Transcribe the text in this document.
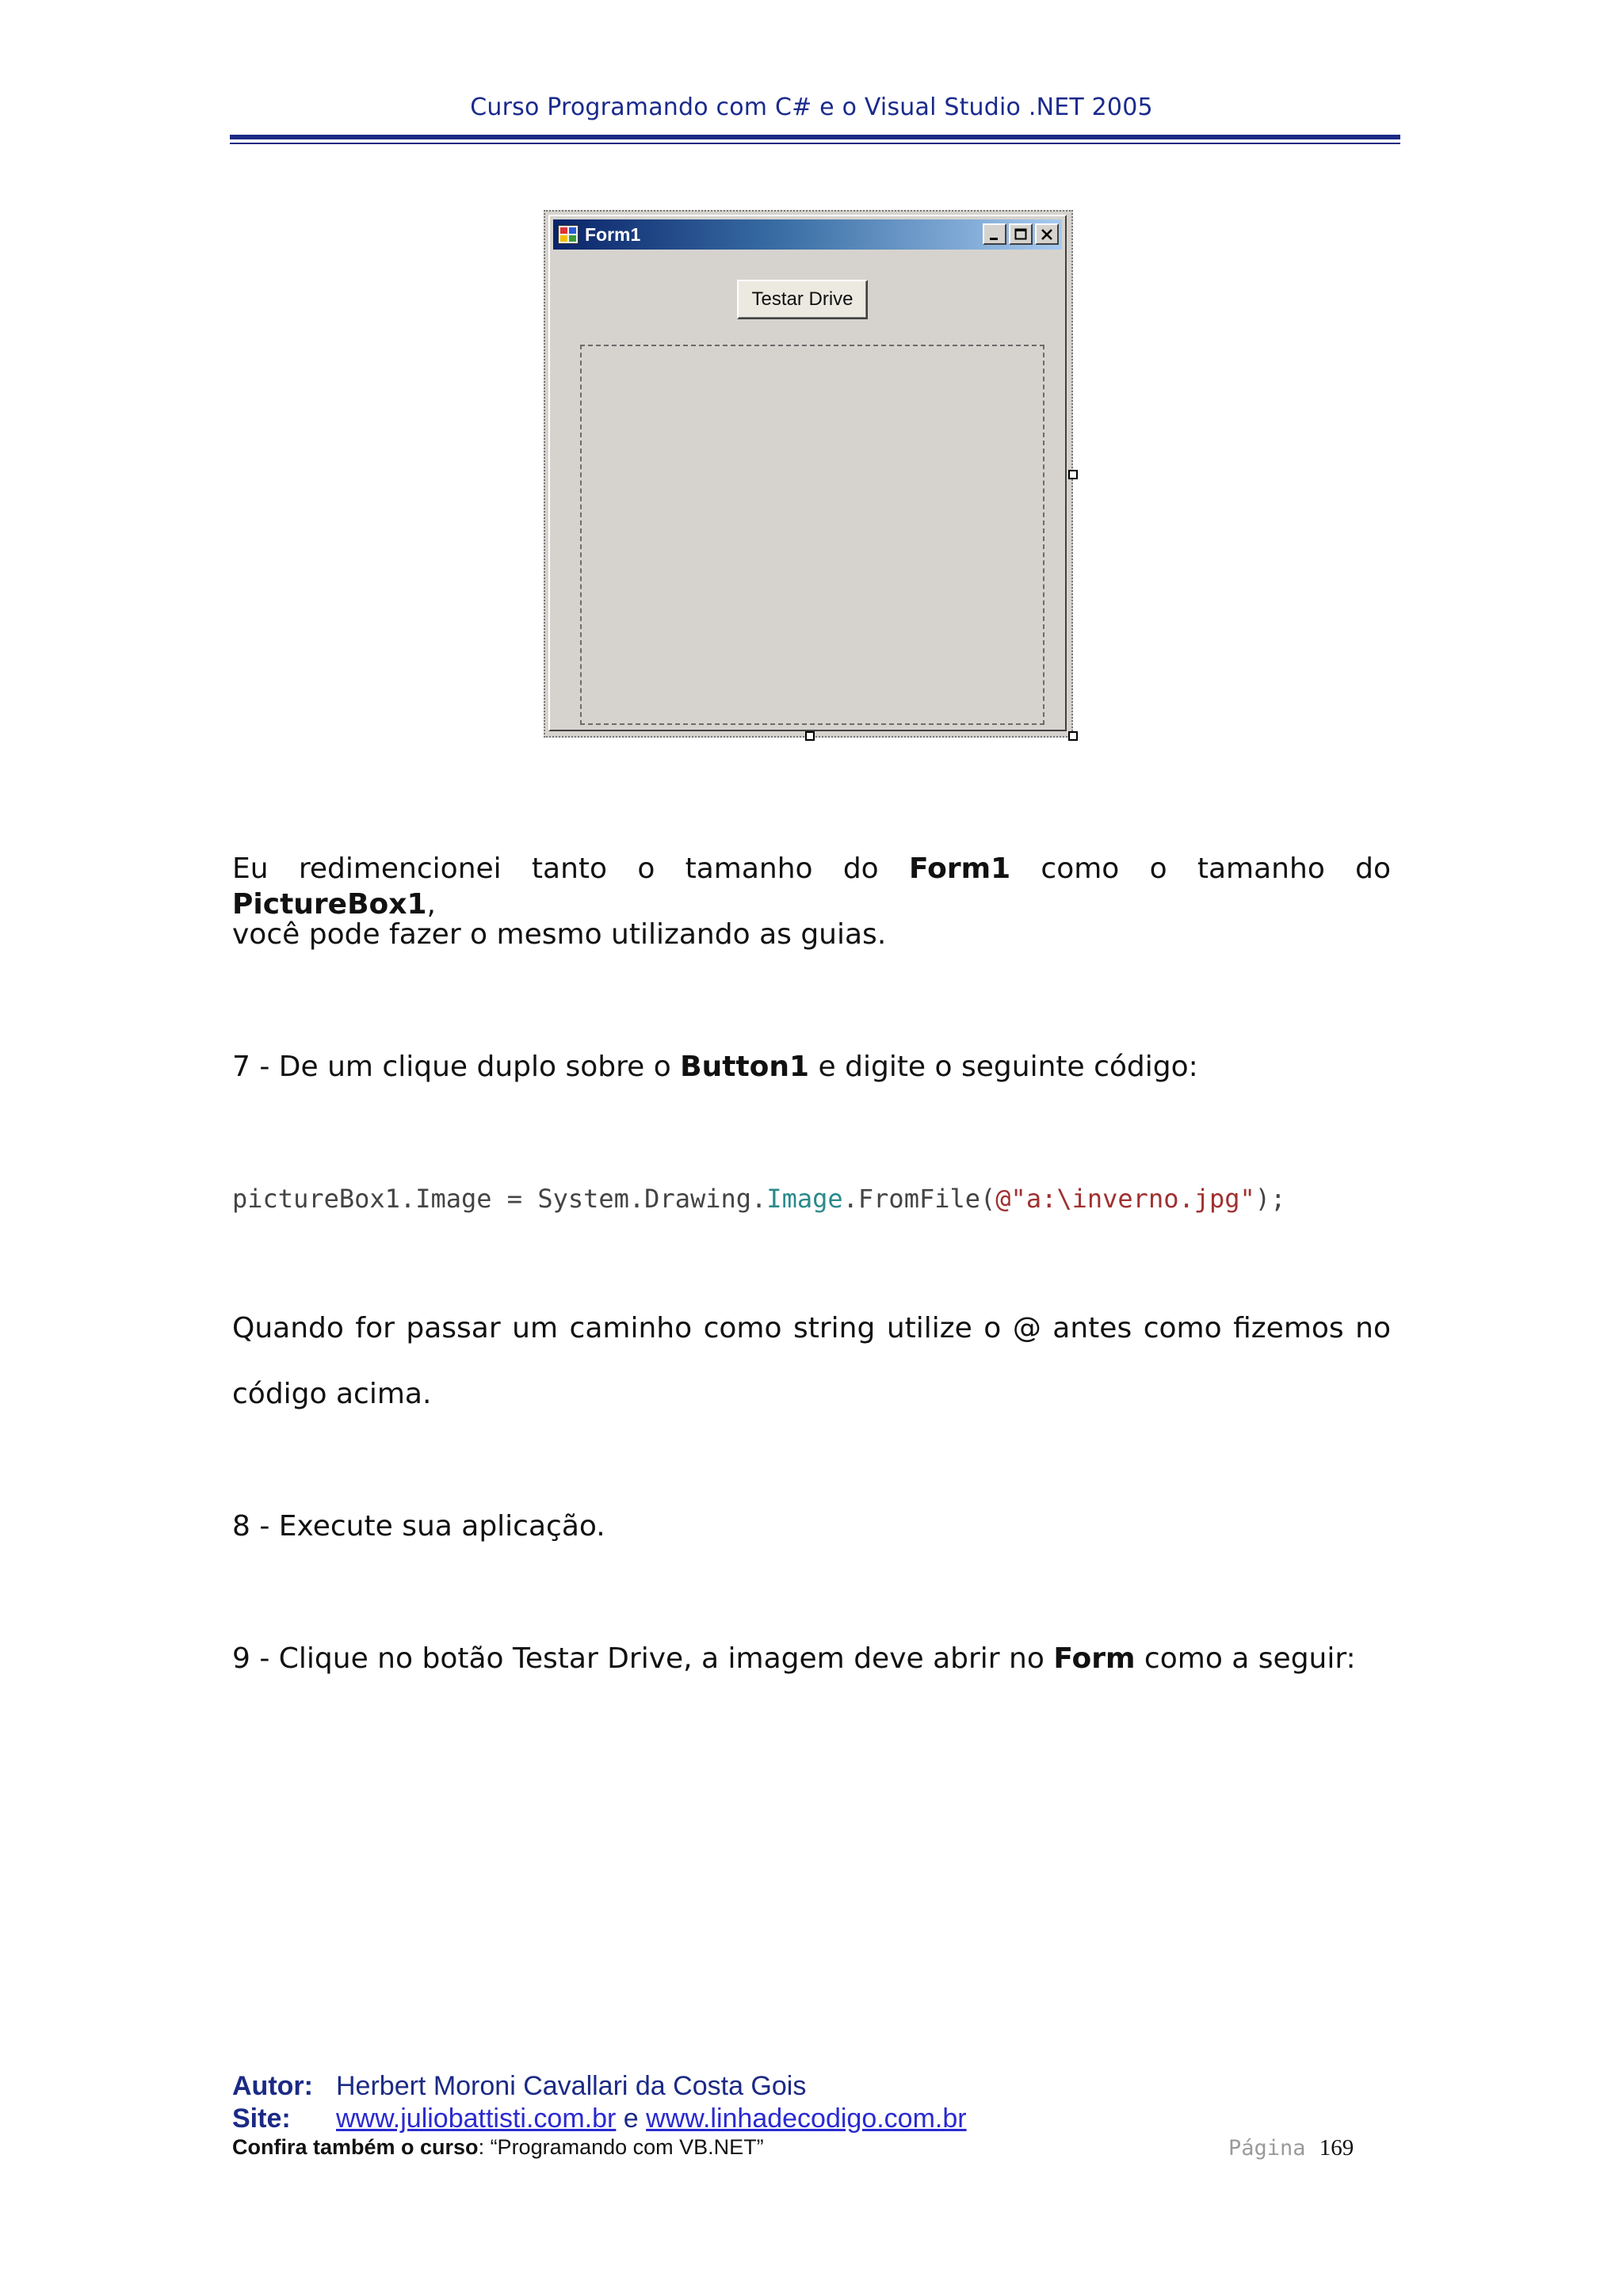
Curso Programando com C# e o Visual Studio .NET 2005
Form1
Testar Drive
Eu redimencionei tanto o tamanho do Form1 como o tamanho do PictureBox1,
você pode fazer o mesmo utilizando as guias.
7 - De um clique duplo sobre o Button1 e digite o seguinte código:
pictureBox1.Image = System.Drawing.Image.FromFile(@"a:\inverno.jpg");
Quando for passar um caminho como string utilize o @ antes como fizemos no
código acima.
8 - Execute sua aplicação.
9 - Clique no botão Testar Drive, a imagem deve abrir no Form como a seguir:
Autor: Herbert Moroni Cavallari da Costa Gois
Site: www.juliobattisti.com.br e www.linhadecodigo.com.br
Confira também o curso: “Programando com VB.NET”	Página 169
